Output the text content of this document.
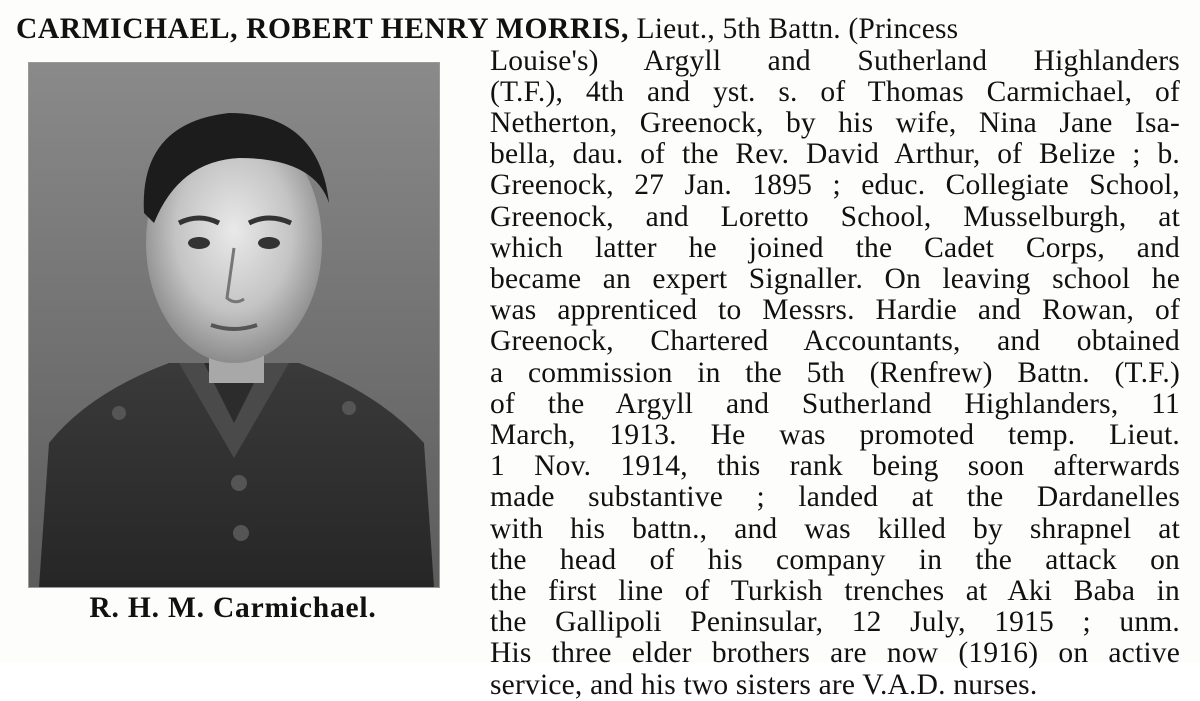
CARMICHAEL, ROBERT HENRY MORRIS, Lieut., 5th Battn. (Princess
R. H. M. Carmichael.
Louise's) Argyll and Sutherland Highlanders
(T.F.), 4th and yst. s. of Thomas Carmichael, of
Netherton, Greenock, by his wife, Nina Jane Isa-
bella, dau. of the Rev. David Arthur, of Belize ; b.
Greenock, 27 Jan. 1895 ; educ. Collegiate School,
Greenock, and Loretto School, Musselburgh, at
which latter he joined the Cadet Corps, and
became an expert Signaller. On leaving school he
was apprenticed to Messrs. Hardie and Rowan, of
Greenock, Chartered Accountants, and obtained
a commission in the 5th (Renfrew) Battn. (T.F.)
of the Argyll and Sutherland Highlanders, 11
March, 1913. He was promoted temp. Lieut.
1 Nov. 1914, this rank being soon afterwards
made substantive ; landed at the Dardanelles
with his battn., and was killed by shrapnel at
the head of his company in the attack on
the first line of Turkish trenches at Aki Baba in
the Gallipoli Peninsular, 12 July, 1915 ; unm.
His three elder brothers are now (1916) on active
service, and his two sisters are V.A.D. nurses.
